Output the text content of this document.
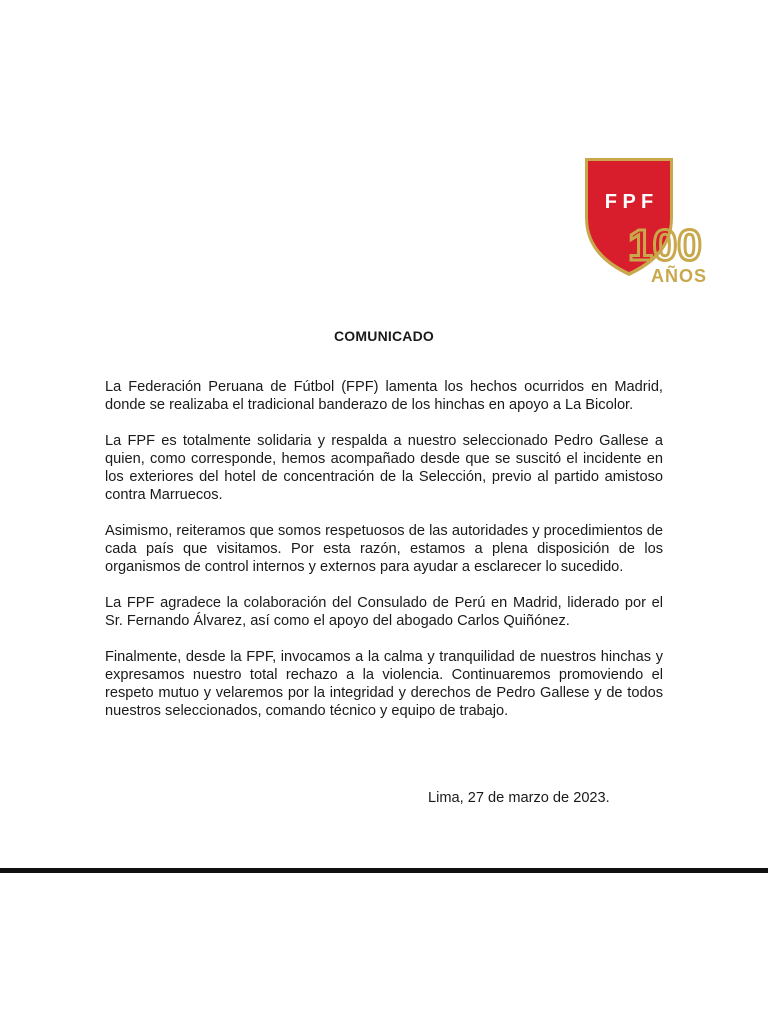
F P F
100
AÑOS
COMUNICADO

La Federación Peruana de Fútbol (FPF) lamenta los hechos ocurridos en Madrid, donde se realizaba el tradicional banderazo de los hinchas en apoyo a La Bicolor.

La FPF es totalmente solidaria y respalda a nuestro seleccionado Pedro Gallese a quien, como corresponde, hemos acompañado desde que se suscitó el incidente en los exteriores del hotel de concentración de la Selección, previo al partido amistoso contra Marruecos.

Asimismo, reiteramos que somos respetuosos de las autoridades y procedimientos de cada país que visitamos. Por esta razón, estamos a plena disposición de los organismos de control internos y externos para ayudar a esclarecer lo sucedido.

La FPF agradece la colaboración del Consulado de Perú en Madrid, liderado por el Sr. Fernando Álvarez, así como el apoyo del abogado Carlos Quiñónez.

Finalmente, desde la FPF, invocamos a la calma y tranquilidad de nuestros hinchas y expresamos nuestro total rechazo a la violencia. Continuaremos promoviendo el respeto mutuo y velaremos por la integridad y derechos de Pedro Gallese y de todos nuestros seleccionados, comando técnico y equipo de trabajo.

Lima, 27 de marzo de 2023.
